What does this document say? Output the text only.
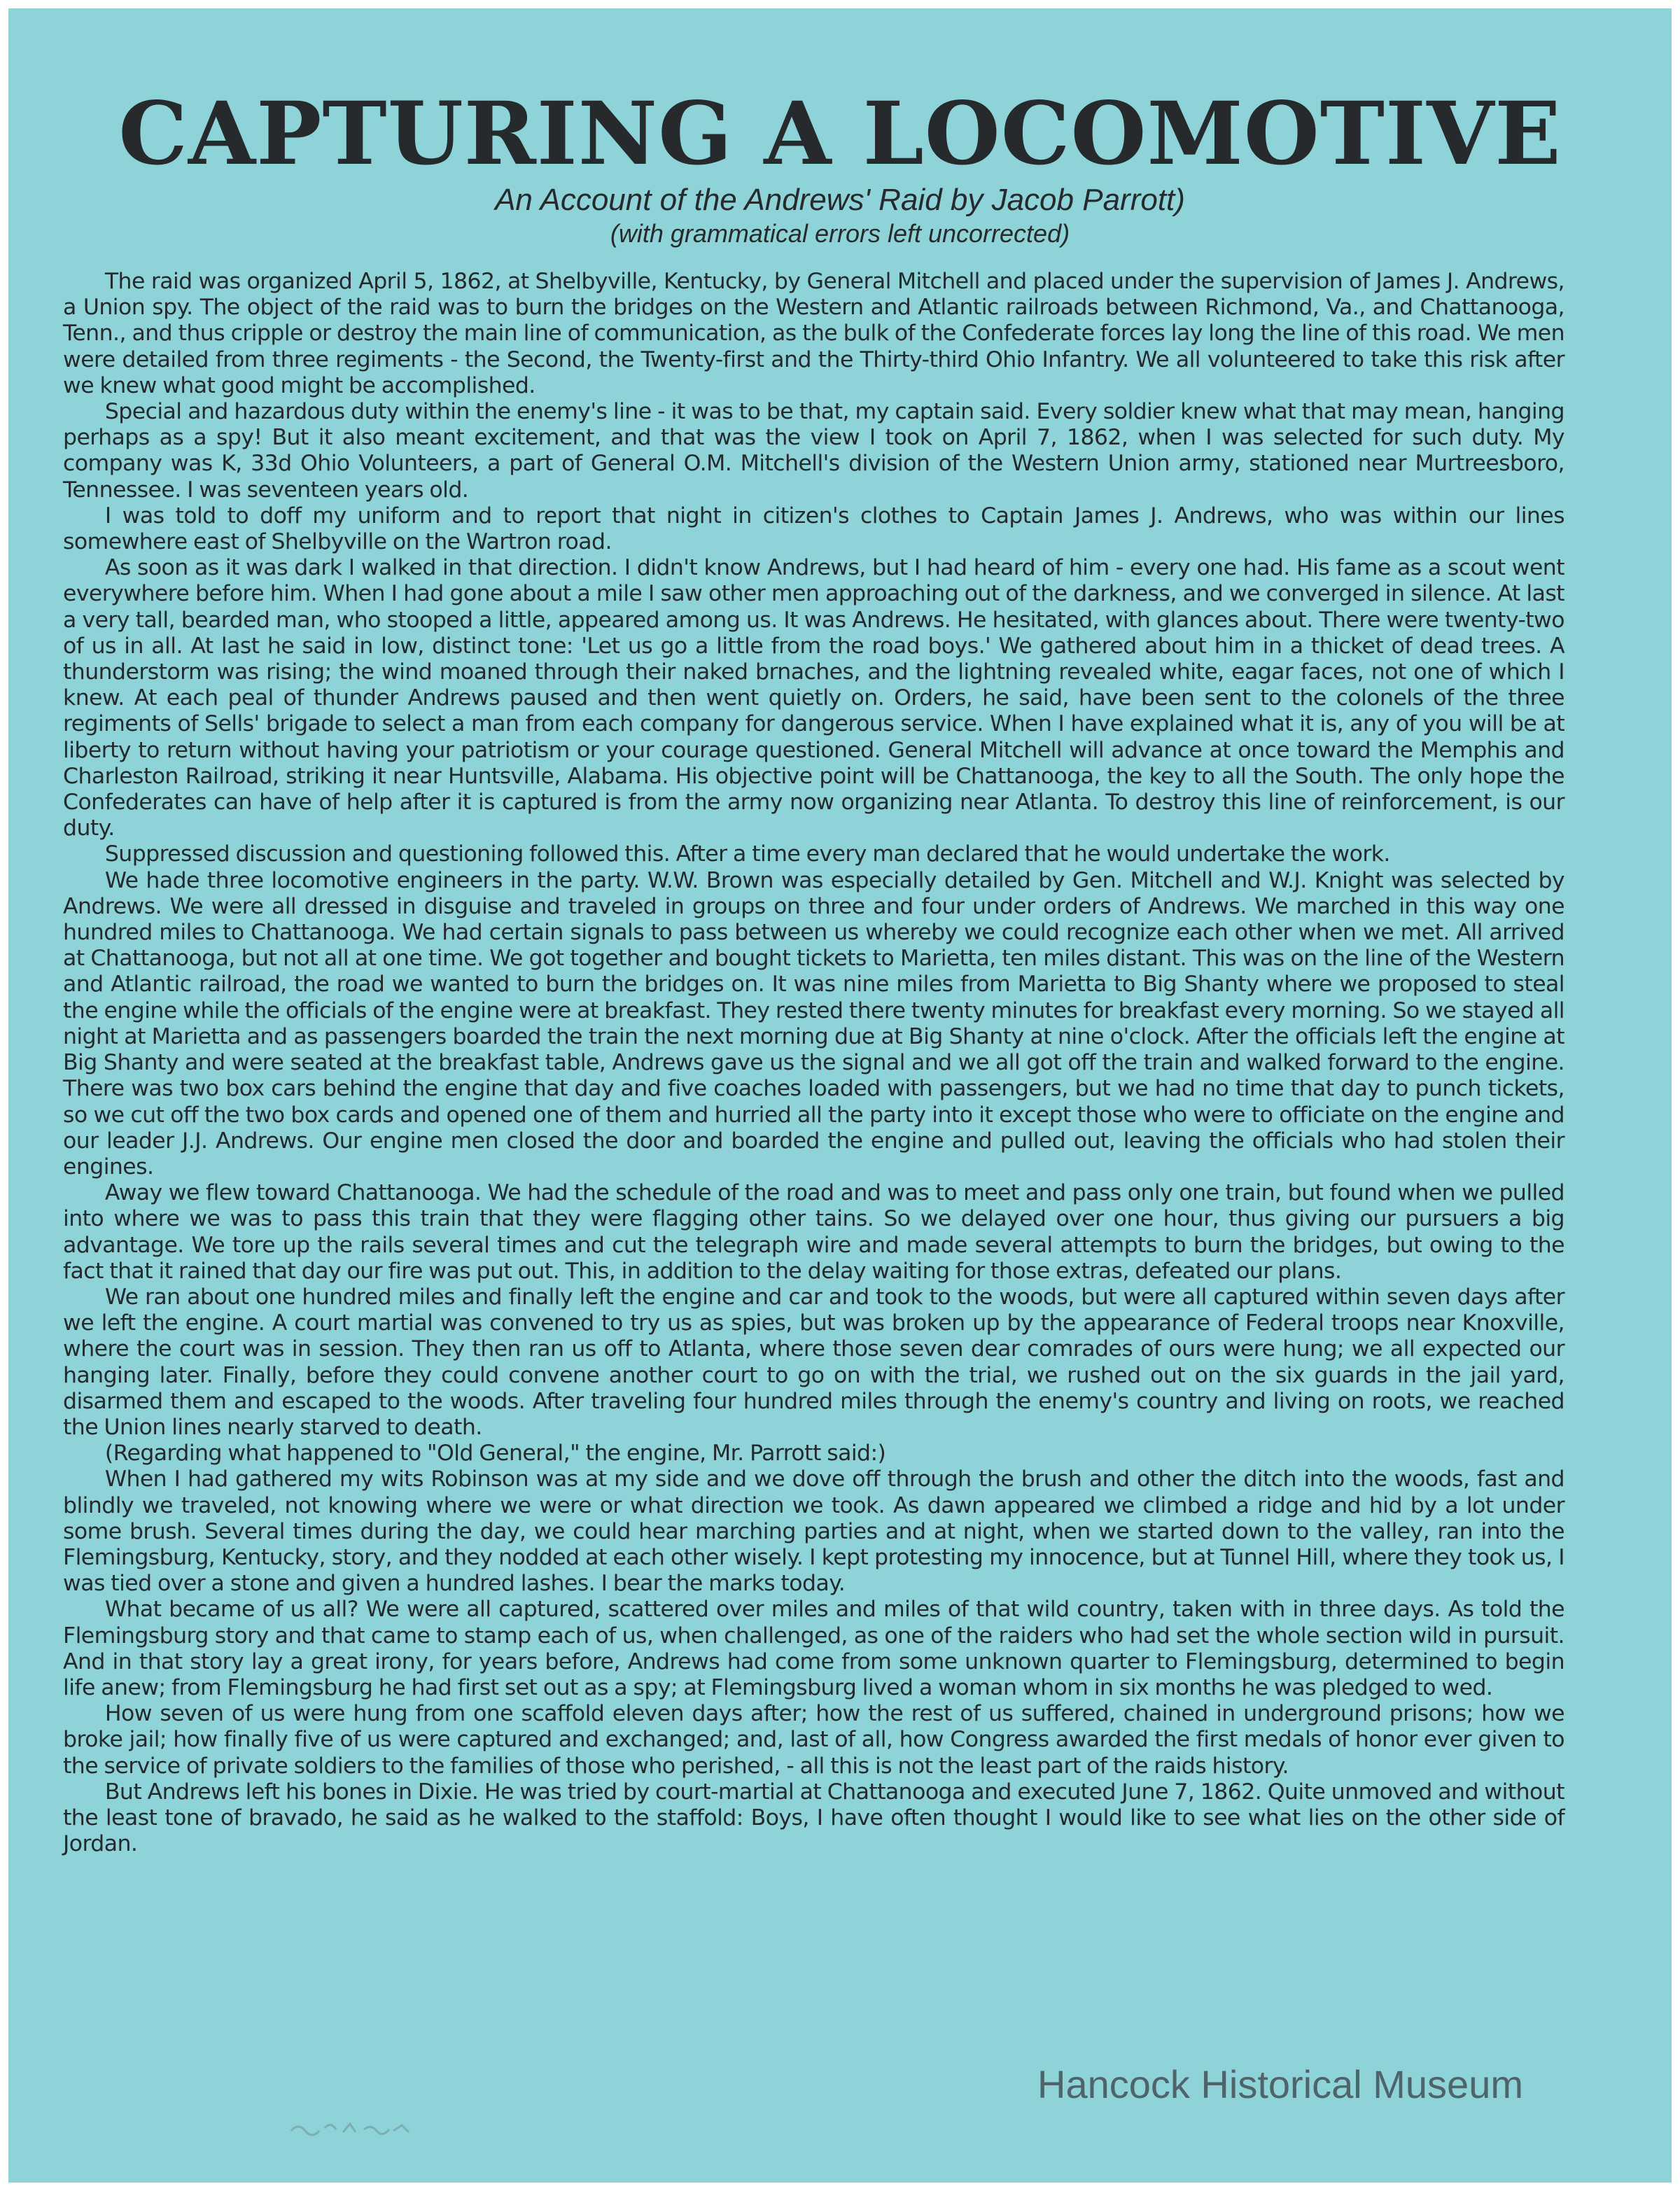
CAPTURING A LOCOMOTIVE
An Account of the Andrews' Raid by Jacob Parrott)
(with grammatical errors left uncorrected)

The raid was organized April 5, 1862, at Shelbyville, Kentucky, by General Mitchell and placed under the supervision of James J. Andrews, a Union spy. The object of the raid was to burn the bridges on the Western and Atlantic railroads between Richmond, Va., and Chattanooga, Tenn., and thus cripple or destroy the main line of communication, as the bulk of the Confederate forces lay long the line of this road. We men were detailed from three regiments - the Second, the Twenty-first and the Thirty-third Ohio Infantry. We all volunteered to take this risk after we knew what good might be accomplished.

Special and hazardous duty within the enemy's line - it was to be that, my captain said. Every soldier knew what that may mean, hanging perhaps as a spy! But it also meant excitement, and that was the view I took on April 7, 1862, when I was selected for such duty. My company was K, 33d Ohio Volunteers, a part of General O.M. Mitchell's division of the Western Union army, stationed near Murtreesboro, Tennessee. I was seventeen years old.

I was told to doff my uniform and to report that night in citizen's clothes to Captain James J. Andrews, who was within our lines somewhere east of Shelbyville on the Wartron road.

As soon as it was dark I walked in that direction. I didn't know Andrews, but I had heard of him - every one had. His fame as a scout went everywhere before him. When I had gone about a mile I saw other men approaching out of the darkness, and we converged in silence. At last a very tall, bearded man, who stooped a little, appeared among us. It was Andrews. He hesitated, with glances about. There were twenty-two of us in all. At last he said in low, distinct tone: 'Let us go a little from the road boys.' We gathered about him in a thicket of dead trees. A thunderstorm was rising; the wind moaned through their naked brnaches, and the lightning revealed white, eagar faces, not one of which I knew. At each peal of thunder Andrews paused and then went quietly on. Orders, he said, have been sent to the colonels of the three regiments of Sells' brigade to select a man from each company for dangerous service. When I have explained what it is, any of you will be at liberty to return without having your patriotism or your courage questioned. General Mitchell will advance at once toward the Memphis and Charleston Railroad, striking it near Huntsville, Alabama. His objective point will be Chattanooga, the key to all the South. The only hope the Confederates can have of help after it is captured is from the army now organizing near Atlanta. To destroy this line of reinforcement, is our duty.

Suppressed discussion and questioning followed this. After a time every man declared that he would undertake the work.

We hade three locomotive engineers in the party. W.W. Brown was especially detailed by Gen. Mitchell and W.J. Knight was selected by Andrews. We were all dressed in disguise and traveled in groups on three and four under orders of Andrews. We marched in this way one hundred miles to Chattanooga. We had certain signals to pass between us whereby we could recognize each other when we met. All arrived at Chattanooga, but not all at one time. We got together and bought tickets to Marietta, ten miles distant. This was on the line of the Western and Atlantic railroad, the road we wanted to burn the bridges on. It was nine miles from Marietta to Big Shanty where we proposed to steal the engine while the officials of the engine were at breakfast. They rested there twenty minutes for breakfast every morning. So we stayed all night at Marietta and as passengers boarded the train the next morning due at Big Shanty at nine o'clock. After the officials left the engine at Big Shanty and were seated at the breakfast table, Andrews gave us the signal and we all got off the train and walked forward to the engine. There was two box cars behind the engine that day and five coaches loaded with passengers, but we had no time that day to punch tickets, so we cut off the two box cards and opened one of them and hurried all the party into it except those who were to officiate on the engine and our leader J.J. Andrews. Our engine men closed the door and boarded the engine and pulled out, leaving the officials who had stolen their engines.

Away we flew toward Chattanooga. We had the schedule of the road and was to meet and pass only one train, but found when we pulled into where we was to pass this train that they were flagging other tains. So we delayed over one hour, thus giving our pursuers a big advantage. We tore up the rails several times and cut the telegraph wire and made several attempts to burn the bridges, but owing to the fact that it rained that day our fire was put out. This, in addition to the delay waiting for those extras, defeated our plans.

We ran about one hundred miles and finally left the engine and car and took to the woods, but were all captured within seven days after we left the engine. A court martial was convened to try us as spies, but was broken up by the appearance of Federal troops near Knoxville, where the court was in session. They then ran us off to Atlanta, where those seven dear comrades of ours were hung; we all expected our hanging later. Finally, before they could convene another court to go on with the trial, we rushed out on the six guards in the jail yard, disarmed them and escaped to the woods. After traveling four hundred miles through the enemy's country and living on roots, we reached the Union lines nearly starved to death.

(Regarding what happened to "Old General," the engine, Mr. Parrott said:)

When I had gathered my wits Robinson was at my side and we dove off through the brush and other the ditch into the woods, fast and blindly we traveled, not knowing where we were or what direction we took. As dawn appeared we climbed a ridge and hid by a lot under some brush. Several times during the day, we could hear marching parties and at night, when we started down to the valley, ran into the Flemingsburg, Kentucky, story, and they nodded at each other wisely. I kept protesting my innocence, but at Tunnel Hill, where they took us, I was tied over a stone and given a hundred lashes. I bear the marks today.

What became of us all? We were all captured, scattered over miles and miles of that wild country, taken with in three days. As told the Flemingsburg story and that came to stamp each of us, when challenged, as one of the raiders who had set the whole section wild in pursuit. And in that story lay a great irony, for years before, Andrews had come from some unknown quarter to Flemingsburg, determined to begin life anew; from Flemingsburg he had first set out as a spy; at Flemingsburg lived a woman whom in six months he was pledged to wed.

How seven of us were hung from one scaffold eleven days after; how the rest of us suffered, chained in underground prisons; how we broke jail; how finally five of us were captured and exchanged; and, last of all, how Congress awarded the first medals of honor ever given to the service of private soldiers to the families of those who perished, - all this is not the least part of the raids history.

But Andrews left his bones in Dixie. He was tried by court-martial at Chattanooga and executed June 7, 1862. Quite unmoved and without the least tone of bravado, he said as he walked to the staffold: Boys, I have often thought I would like to see what lies on the other side of Jordan.

Hancock Historical Museum
